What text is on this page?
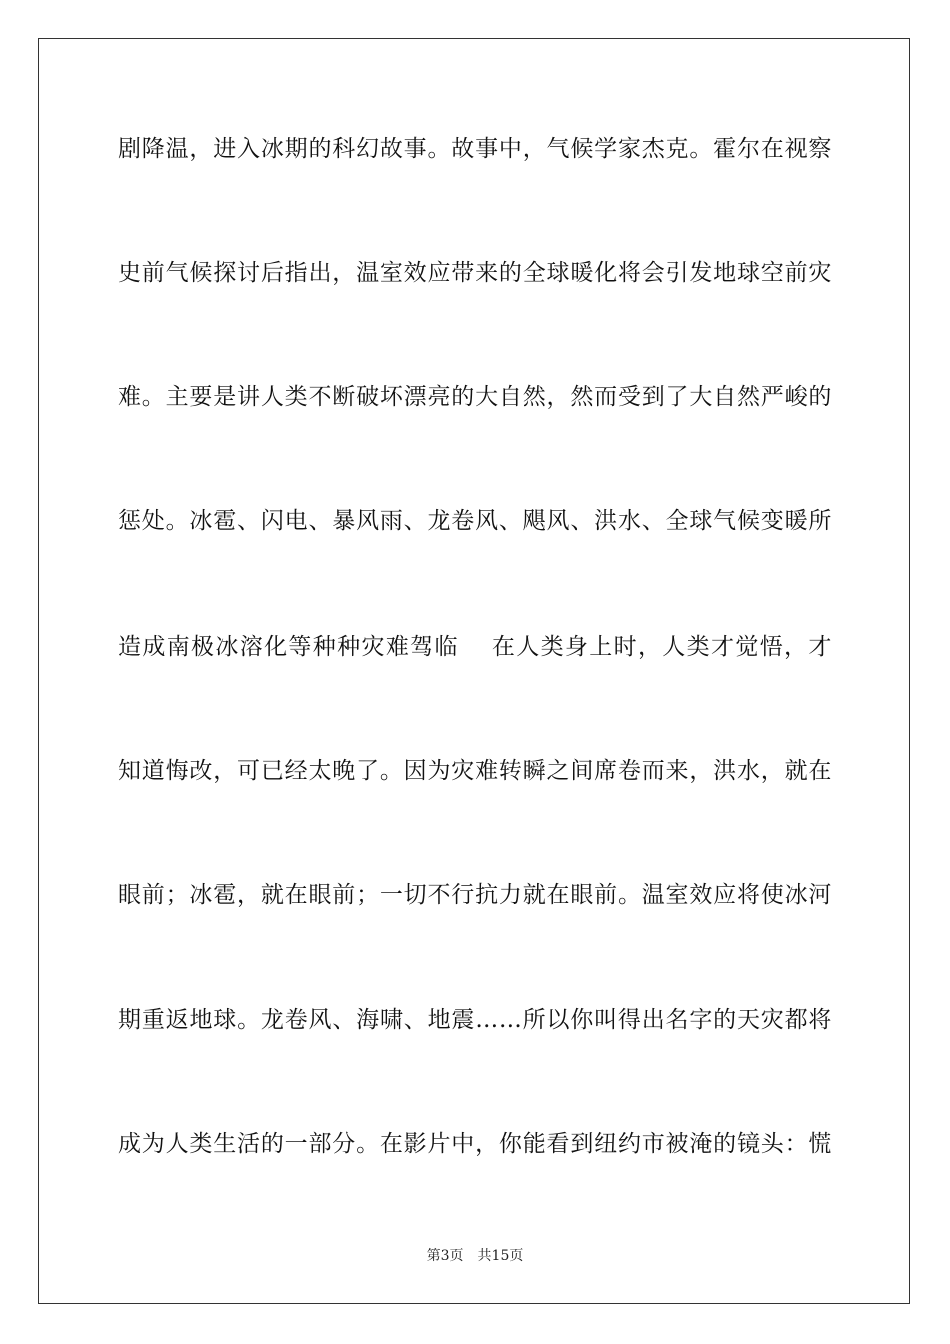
剧降温，进入冰期的科幻故事。故事中，气候学家杰克。霍尔在视察
史前气候探讨后指出，温室效应带来的全球暖化将会引发地球空前灾
难。主要是讲人类不断破坏漂亮的大自然，然而受到了大自然严峻的
惩处。冰雹、闪电、暴风雨、龙卷风、飓风、洪水、全球气候变暖所
造成南极冰溶化等种种灾难驾临　 在人类身上时，人类才觉悟，才
知道悔改，可已经太晚了。因为灾难转瞬之间席卷而来，洪水，就在
眼前；冰雹，就在眼前；一切不行抗力就在眼前。温室效应将使冰河
期重返地球。龙卷风、海啸、地震……所以你叫得出名字的天灾都将
成为人类生活的一部分。在影片中，你能看到纽约市被淹的镜头：慌
第3页　共15页
